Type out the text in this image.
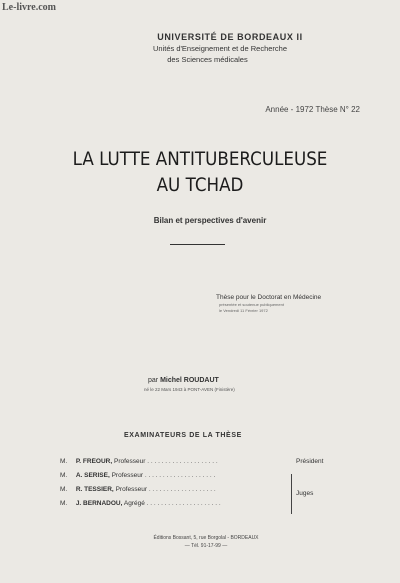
Le-livre.com
UNIVERSITÉ DE BORDEAUX II
Unités d'Enseignement et de Recherche
des Sciences médicales
Année - 1972 Thèse N° 22
LA LUTTE ANTITUBERCULEUSE
AU TCHAD
Bilan et perspectives d'avenir
Thèse pour le Doctorat en Médecine
présentée et soutenue publiquement
le Vendredi 11 Février 1972
par Michel ROUDAUT
né le 22 Mars 1943 à PONT-AVEN (Finistère)
EXAMINATEURS DE LA THÈSE
M. P. FRÉOUR, Professeur . . . . . . . . . . . . . . . . . . . .	Président
M. A. SERISÉ, Professeur . . . . . . . . . . . . . . . . . . . .
M. R. TESSIER, Professeur . . . . . . . . . . . . . . . . . . .
M. J. BERNADOU, Agrégé . . . . . . . . . . . . . . . . . . . . .
Juges
Éditions Bossant, 5, rue Borgolal - BORDEAUX
— Tél. 91-17-99 —
